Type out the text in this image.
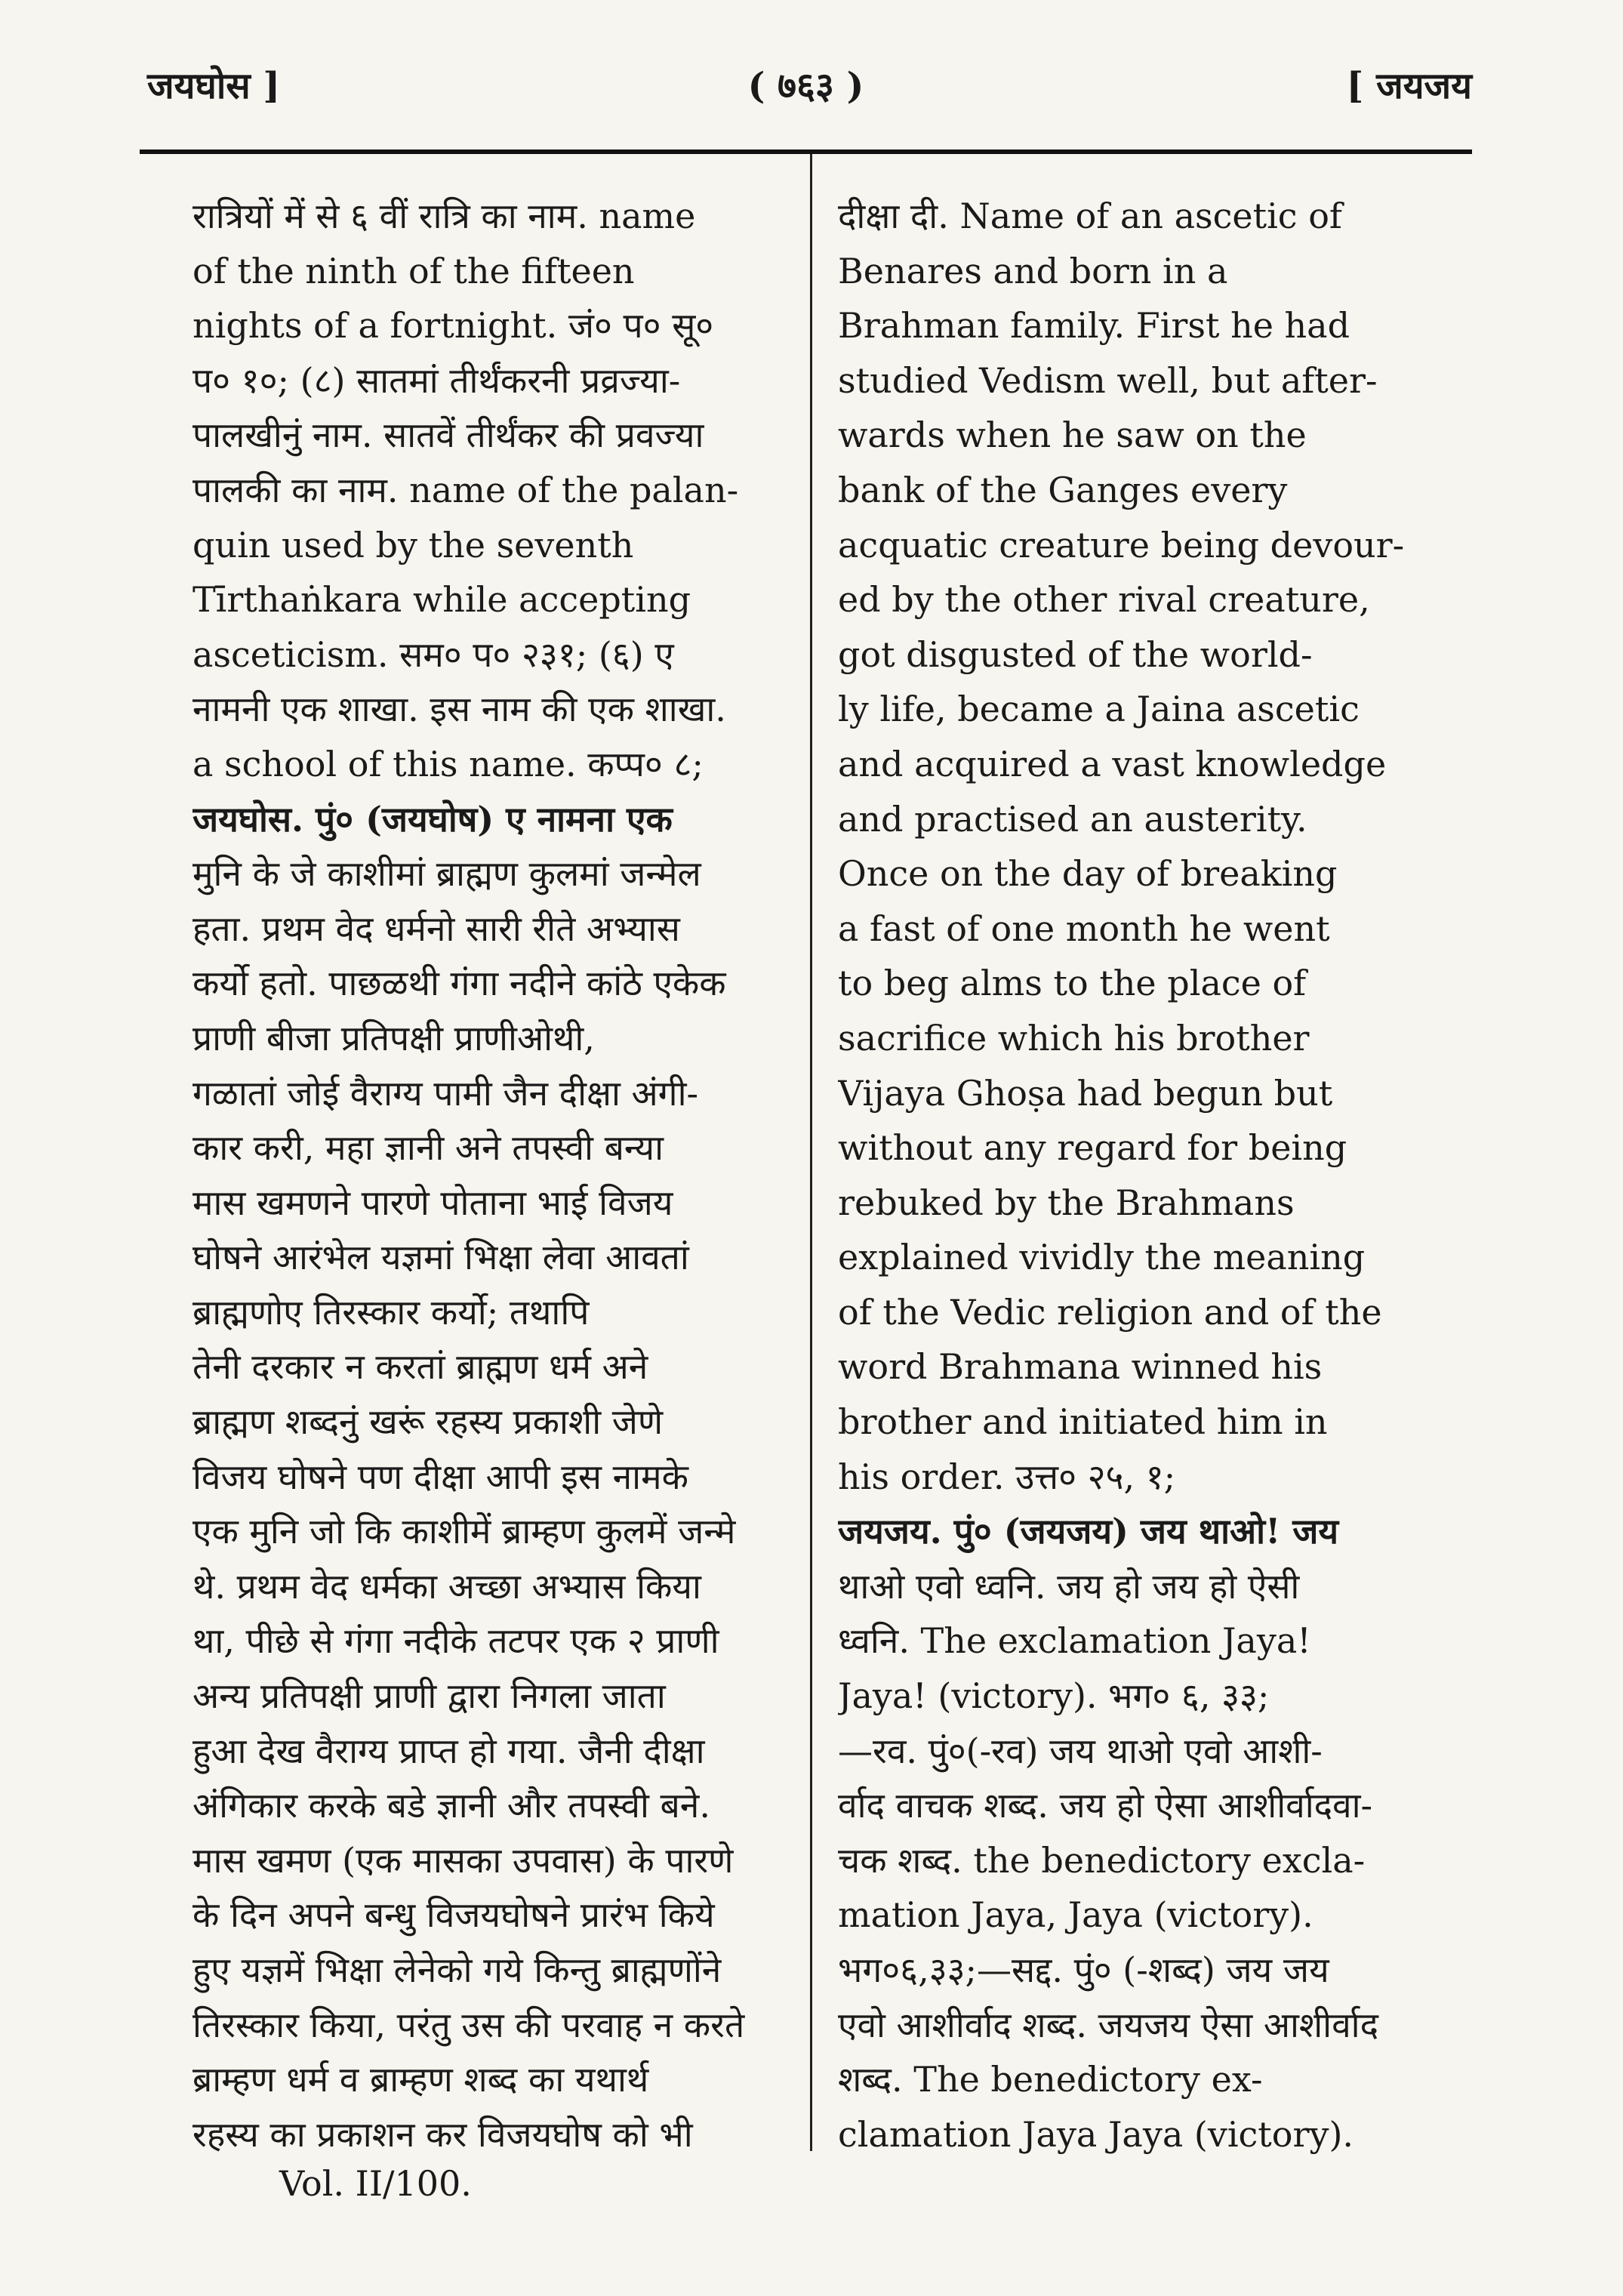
जयघोस ]	( ७६३ )	[ जयजय
रात्रियों में से ६ वीं रात्रि का नाम. name
of the ninth of the fifteen
nights of a fortnight. जं० प० सू०
प० १०; (८) सातमां तीर्थंकरनी प्रव्रज्या-
पालखीनुं नाम. सातवें तीर्थंकर की प्रवज्या
पालकी का नाम. name of the palan-
quin used by the seventh
Tīrthaṅkara while accepting
asceticism. सम० प० २३१; (६) ए
नामनी एक शाखा. इस नाम की एक शाखा.
a school of this name. कप्प० ८;
जयघोस. पुं० (जयघोष) ए नामना एक
मुनि के जे काशीमां ब्राह्मण कुलमां जन्मेल
हता. प्रथम वेद धर्मनो सारी रीते अभ्यास
कर्यो हतो. पाछळथी गंगा नदीने कांठे एकेक
प्राणी बीजा प्रतिपक्षी प्राणीओथी,
गळातां जोई वैराग्य पामी जैन दीक्षा अंगी-
कार करी, महा ज्ञानी अने तपस्वी बन्या
मास खमणने पारणे पोताना भाई विजय
घोषने आरंभेल यज्ञमां भिक्षा लेवा आवतां
ब्राह्मणोए तिरस्कार कर्यो; तथापि
तेनी दरकार न करतां ब्राह्मण धर्म अने
ब्राह्मण शब्दनुं खरूं रहस्य प्रकाशी जेणे
विजय घोषने पण दीक्षा आपी इस नामके
एक मुनि जो कि काशीमें ब्राम्हण कुलमें जन्मे
थे. प्रथम वेद धर्मका अच्छा अभ्यास किया
था, पीछे से गंगा नदीके तटपर एक २ प्राणी
अन्य प्रतिपक्षी प्राणी द्वारा निगला जाता
हुआ देख वैराग्य प्राप्त हो गया. जैनी दीक्षा
अंगिकार करके बडे ज्ञानी और तपस्वी बने.
मास खमण (एक मासका उपवास) के पारणे
के दिन अपने बन्धु विजयघोषने प्रारंभ किये
हुए यज्ञमें भिक्षा लेनेको गये किन्तु ब्राह्मणोंने
तिरस्कार किया, परंतु उस की परवाह न करते
ब्राम्हण धर्म व ब्राम्हण शब्द का यथार्थ
रहस्य का प्रकाशन कर विजयघोष को भी
दीक्षा दी. Name of an ascetic of
Benares and born in a
Brahman family. First he had
studied Vedism well, but after-
wards when he saw on the
bank of the Ganges every
acquatic creature being devour-
ed by the other rival creature,
got disgusted of the world-
ly life, became a Jaina ascetic
and acquired a vast knowledge
and practised an austerity.
Once on the day of breaking
a fast of one month he went
to beg alms to the place of
sacrifice which his brother
Vijaya Ghoṣa had begun but
without any regard for being
rebuked by the Brahmans
explained vividly the meaning
of the Vedic religion and of the
word Brahmana winned his
brother and initiated him in
his order. उत्त० २५, १;
जयजय. पुं० (जयजय) जय थाओ! जय
थाओ एवो ध्वनि. जय हो जय हो ऐसी
ध्वनि. The exclamation Jaya!
Jaya! (victory). भग० ६, ३३;
—रव. पुं०(-रव) जय थाओ एवो आशी-
र्वाद वाचक शब्द. जय हो ऐसा आशीर्वादवा-
चक शब्द. the benedictory excla-
mation Jaya, Jaya (victory).
भग०६,३३;—सद्द. पुं० (-शब्द) जय जय
एवो आशीर्वाद शब्द. जयजय ऐसा आशीर्वाद
शब्द. The benedictory ex-
clamation Jaya Jaya (victory).
Vol. II/100.
